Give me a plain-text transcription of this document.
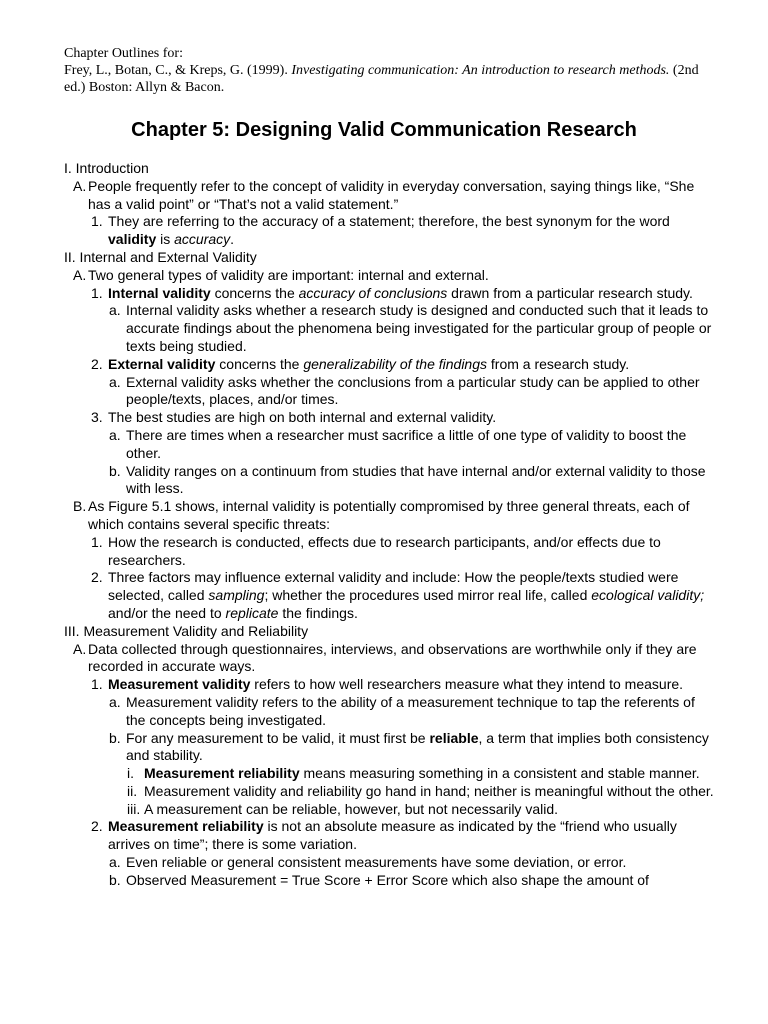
Chapter Outlines for:
Frey, L., Botan, C., & Kreps, G. (1999). Investigating communication: An introduction to research methods. (2nd ed.) Boston: Allyn & Bacon.
Chapter 5: Designing Valid Communication Research
I. Introduction
A. People frequently refer to the concept of validity in everyday conversation, saying things like, “She has a valid point” or “That’s not a valid statement.”
1. They are referring to the accuracy of a statement; therefore, the best synonym for the word validity is accuracy.
II. Internal and External Validity
A. Two general types of validity are important: internal and external.
1. Internal validity concerns the accuracy of conclusions drawn from a particular research study.
a. Internal validity asks whether a research study is designed and conducted such that it leads to accurate findings about the phenomena being investigated for the particular group of people or texts being studied.
2. External validity concerns the generalizability of the findings from a research study.
a. External validity asks whether the conclusions from a particular study can be applied to other people/texts, places, and/or times.
3. The best studies are high on both internal and external validity.
a. There are times when a researcher must sacrifice a little of one type of validity to boost the other.
b. Validity ranges on a continuum from studies that have internal and/or external validity to those with less.
B. As Figure 5.1 shows, internal validity is potentially compromised by three general threats, each of which contains several specific threats:
1. How the research is conducted, effects due to research participants, and/or effects due to researchers.
2. Three factors may influence external validity and include: How the people/texts studied were selected, called sampling; whether the procedures used mirror real life, called ecological validity; and/or the need to replicate the findings.
III. Measurement Validity and Reliability
A. Data collected through questionnaires, interviews, and observations are worthwhile only if they are recorded in accurate ways.
1. Measurement validity refers to how well researchers measure what they intend to measure.
a. Measurement validity refers to the ability of a measurement technique to tap the referents of the concepts being investigated.
b. For any measurement to be valid, it must first be reliable, a term that implies both consistency and stability.
i. Measurement reliability means measuring something in a consistent and stable manner.
ii. Measurement validity and reliability go hand in hand; neither is meaningful without the other.
iii. A measurement can be reliable, however, but not necessarily valid.
2. Measurement reliability is not an absolute measure as indicated by the “friend who usually arrives on time”; there is some variation.
a. Even reliable or general consistent measurements have some deviation, or error.
b. Observed Measurement = True Score + Error Score which also shape the amount of
